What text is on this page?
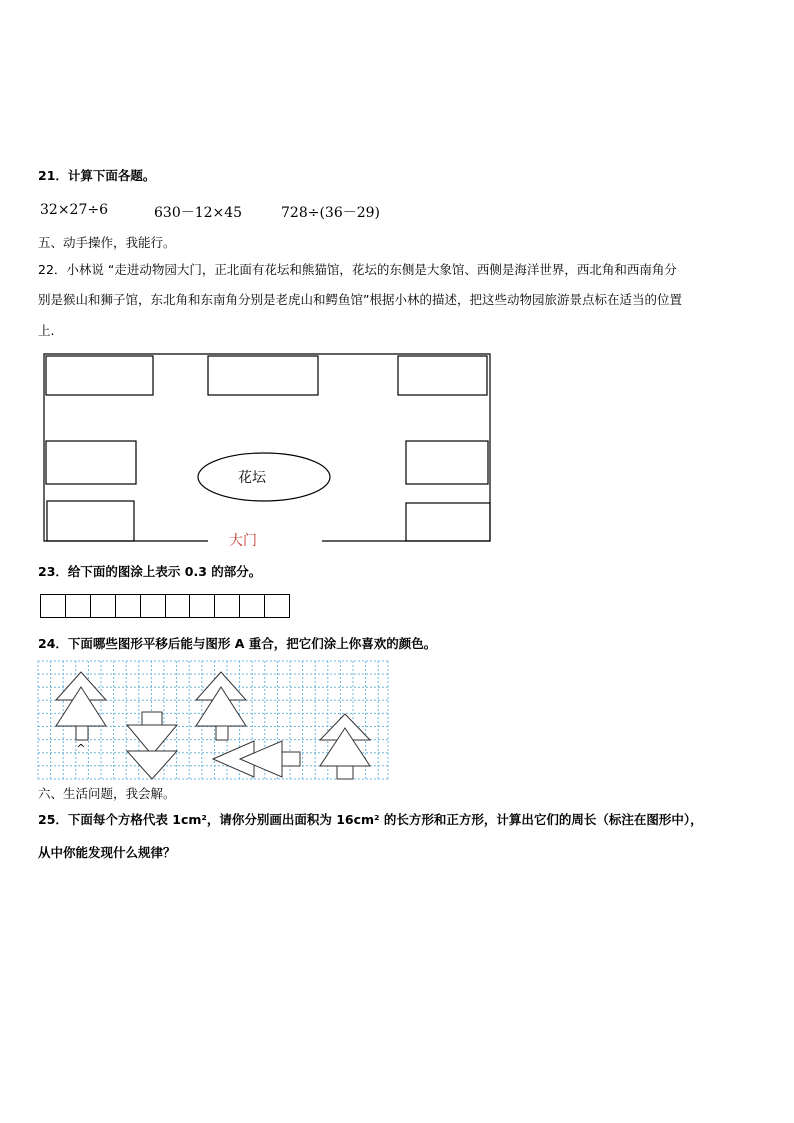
21．计算下面各题。
32×27÷6	630－12×45	728÷(36－29)
五、动手操作，我能行。
22．小林说 “走进动物园大门，正北面有花坛和熊猫馆，花坛的东侧是大象馆、西侧是海洋世界，西北角和西南角分
别是猴山和狮子馆，东北角和东南角分别是老虎山和鳄鱼馆”根据小林的描述，把这些动物园旅游景点标在适当的位置
上.
花坛
大门
23．给下面的图涂上表示 0.3 的部分。
24．下面哪些图形平移后能与图形 A 重合，把它们涂上你喜欢的颜色。
^
六、生活问题，我会解。
25．下面每个方格代表 1cm²，请你分别画出面积为 16cm² 的长方形和正方形，计算出它们的周长（标注在图形中），
从中你能发现什么规律？
